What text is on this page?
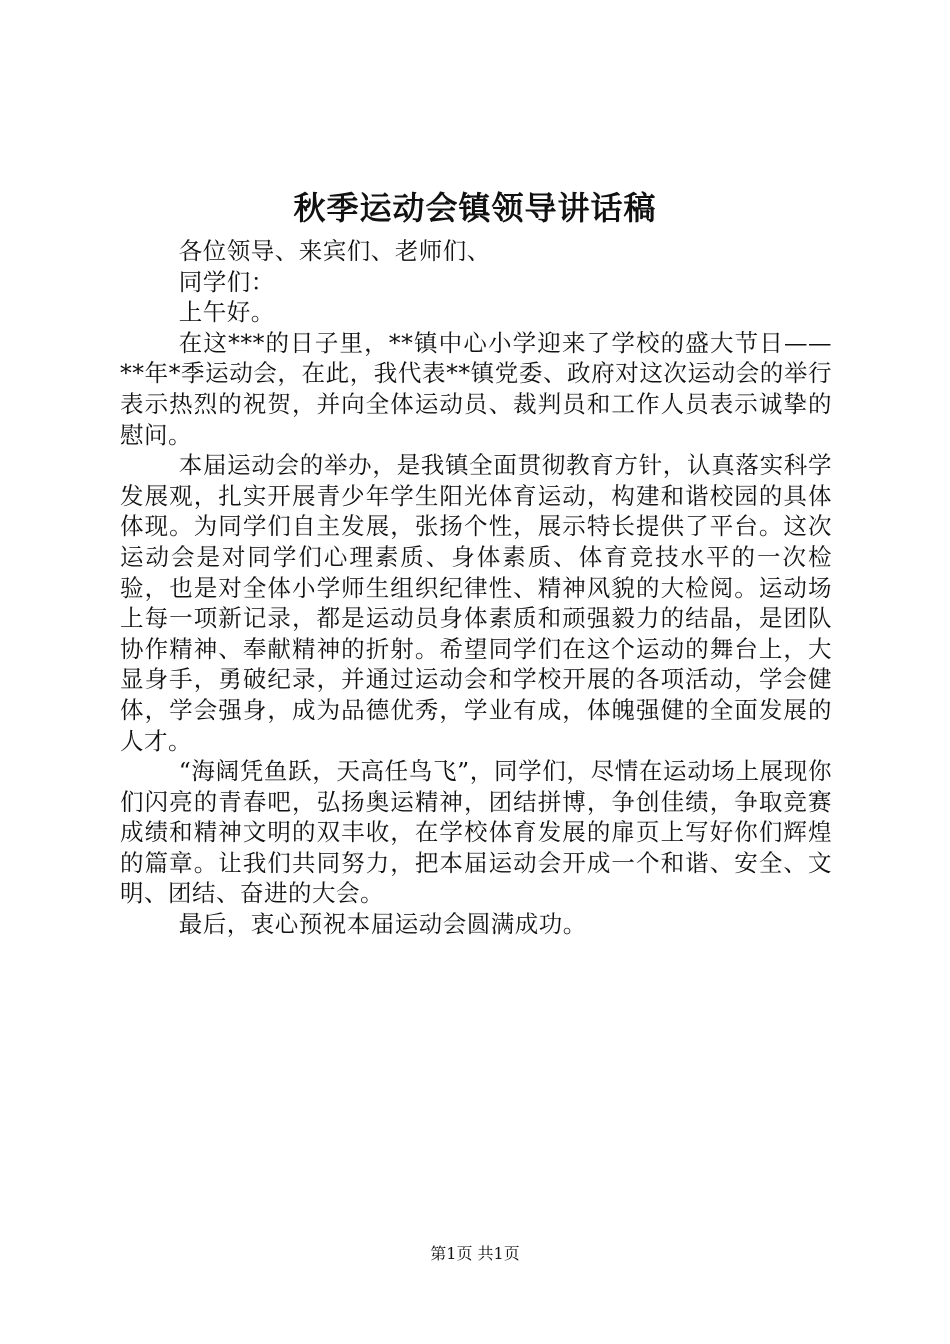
秋季运动会镇领导讲话稿

各位领导、来宾们、老师们、

同学们：

上午好。

在这***的日子里，**镇中心小学迎来了学校的盛大节日——**年*季运动会，在此，我代表**镇党委、政府对这次运动会的举行表示热烈的祝贺，并向全体运动员、裁判员和工作人员表示诚挚的慰问。

本届运动会的举办，是我镇全面贯彻教育方针，认真落实科学发展观，扎实开展青少年学生阳光体育运动，构建和谐校园的具体体现。为同学们自主发展，张扬个性，展示特长提供了平台。这次运动会是对同学们心理素质、身体素质、体育竞技水平的一次检验，也是对全体小学师生组织纪律性、精神风貌的大检阅。运动场上每一项新记录，都是运动员身体素质和顽强毅力的结晶，是团队协作精神、奉献精神的折射。希望同学们在这个运动的舞台上，大显身手，勇破纪录，并通过运动会和学校开展的各项活动，学会健体，学会强身，成为品德优秀，学业有成，体魄强健的全面发展的人才。

“海阔凭鱼跃，天高任鸟飞”，同学们，尽情在运动场上展现你们闪亮的青春吧，弘扬奥运精神，团结拼博，争创佳绩，争取竞赛成绩和精神文明的双丰收，在学校体育发展的扉页上写好你们辉煌的篇章。让我们共同努力，把本届运动会开成一个和谐、安全、文明、团结、奋进的大会。

最后，衷心预祝本届运动会圆满成功。

第1页 共1页
